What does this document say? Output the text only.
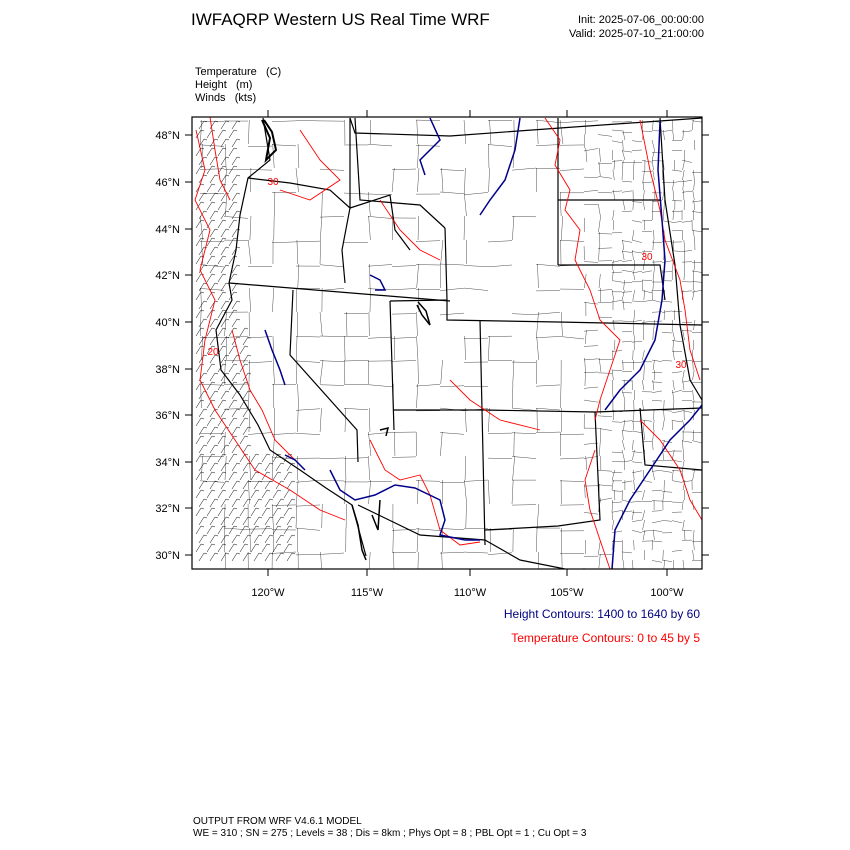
IWFAQRP Western US Real Time WRF	Init: 2025-07-06_00:00:00
Valid: 2025-07-10_21:00:00
Temperature (C)
Height (m)
Winds (kts)
48°N
46°N
44°N
42°N
40°N
38°N
36°N
34°N
32°N
30°N
120°W	115°W	110°W	105°W	100°W
30
20
30
30
Height Contours: 1400 to 1640 by 60
Temperature Contours: 0 to 45 by 5
OUTPUT FROM WRF V4.6.1 MODEL
WE = 310 ; SN = 275 ; Levels = 38 ; Dis = 8km ; Phys Opt = 8 ; PBL Opt = 1 ; Cu Opt = 3
